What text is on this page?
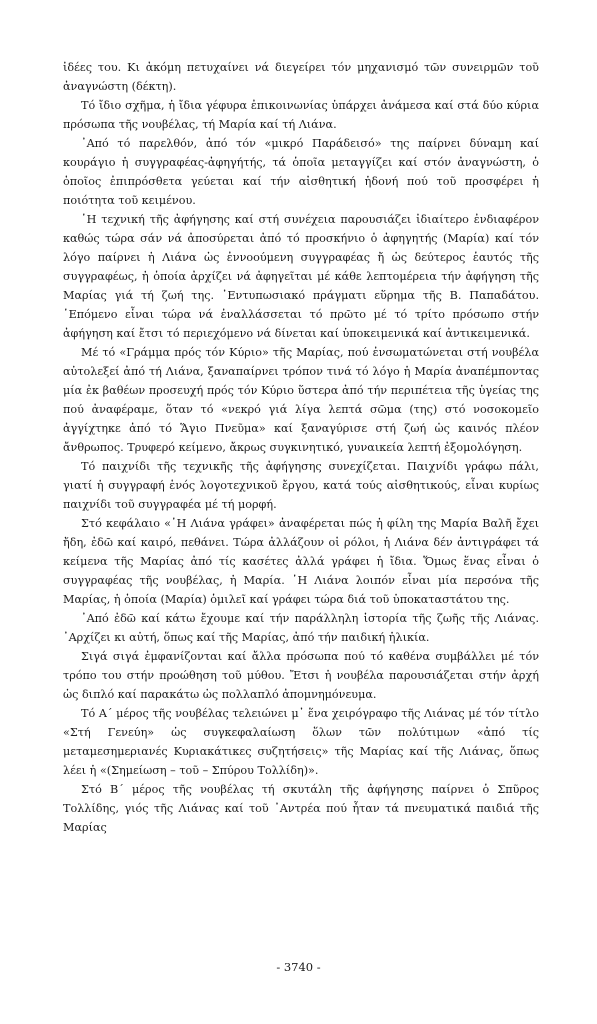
ἰδέες του. Κι ἀκόμη πετυχαίνει νά διεγείρει τόν μηχανισμό τῶν συνειρμῶν τοῦ ἀναγνώστη (δέκτη).

Τό ἴδιο σχῆμα, ἡ ἴδια γέφυρα ἐπικοινωνίας ὑπάρχει ἀνάμεσα καί στά δύο κύρια πρόσωπα τῆς νουβέλας, τή Μαρία καί τή Λιάνα.

᾿Από τό παρελθόν, ἀπό τόν «μικρό Παράδεισό» της παίρνει δύναμη καί κουράγιο ἡ συγγραφέας-ἀφηγήτής, τά ὁποῖα μεταγγίζει καί στόν ἀναγνώστη, ὁ ὁποῖος ἐπιπρόσθετα γεύεται καί τήν αἰσθητική ἡδονή πού τοῦ προσφέρει ἡ ποιότητα τοῦ κειμένου.

῾Η τεχνική τῆς ἀφήγησης καί στή συνέχεια παρουσιάζει ἰδιαίτερο ἐνδιαφέρον καθώς τώρα σάν νά ἀποσύρεται ἀπό τό προσκήνιο ὁ ἀφηγητής (Μαρία) καί τόν λόγο παίρνει ἡ Λιάνα ὡς ἐννοούμενη συγγραφέας ἤ ὡς δεύτερος ἑαυτός τῆς συγγραφέως, ἡ ὁποία ἀρχίζει νά ἀφηγεῖται μέ κάθε λεπτομέρεια τήν ἀφήγηση τῆς Μαρίας γιά τή ζωή της. ᾿Εντυπωσιακό πράγματι εὕρημα τῆς Β. Παπαδάτου. ῾Επόμενο εἶναι τώρα νά ἐναλλάσσεται τό πρῶτο μέ τό τρίτο πρόσωπο στήν ἀφήγηση καί ἔτσι τό περιεχόμενο νά δίνεται καί ὑποκειμενικά καί ἀντικειμενικά.

Μέ τό «Γράμμα πρός τόν Κύριο» τῆς Μαρίας, πού ἐνσωματώνεται στή νουβέλα αὐτολεξεί ἀπό τή Λιάνα, ξαναπαίρνει τρόπον τινά τό λόγο ἡ Μαρία ἀναπέμποντας μία ἐκ βαθέων προσευχή πρός τόν Κύριο ὕστερα ἀπό τήν περιπέτεια τῆς ὑγείας της πού ἀναφέραμε, ὅταν τό «νεκρό γιά λίγα λεπτά σῶμα (της) στό νοσοκομεῖο ἀγγίχτηκε ἀπό τό Ἅγιο Πνεῦμα» καί ξαναγύρισε στή ζωή ὡς καινός πλέον ἄνθρωπος. Τρυφερό κείμενο, ἄκρως συγκινητικό, γυναικεία λεπτή ἐξομολόγηση.

Τό παιχνίδι τῆς τεχνικῆς τῆς ἀφήγησης συνεχίζεται. Παιχνίδι γράφω πάλι, γιατί ἡ συγγραφή ἑνός λογοτεχνικοῦ ἔργου, κατά τούς αἰσθητικούς, εἶναι κυρίως παιχνίδι τοῦ συγγραφέα μέ τή μορφή.

Στό κεφάλαιο «῾Η Λιάνα γράφει» ἀναφέρεται πώς ἡ φίλη της Μαρία Βαλῆ ἔχει ἤδη, ἐδῶ καί καιρό, πεθάνει. Τώρα ἀλλάζουν οἱ ρόλοι, ἡ Λιάνα δέν ἀντιγράφει τά κείμενα τῆς Μαρίας ἀπό τίς κασέτες ἀλλά γράφει ἡ ἴδια. Ὅμως ἕνας εἶναι ὁ συγγραφέας τῆς νουβέλας, ἡ Μαρία. ῾Η Λιάνα λοιπόν εἶναι μία περσόνα τῆς Μαρίας, ἡ ὁποία (Μαρία) ὁμιλεῖ καί γράφει τώρα διά τοῦ ὑποκαταστάτου της.

᾿Από ἐδῶ καί κάτω ἔχουμε καί τήν παράλληλη ἱστορία τῆς ζωῆς τῆς Λιάνας. ᾿Αρχίζει κι αὐτή, ὅπως καί τῆς Μαρίας, ἀπό τήν παιδική ἡλικία.

Σιγά σιγά ἐμφανίζονται καί ἄλλα πρόσωπα πού τό καθένα συμβάλλει μέ τόν τρόπο του στήν προώθηση τοῦ μύθου. Ἔτσι ἡ νουβέλα παρουσιάζεται στήν ἀρχή ὡς διπλό καί παρακάτω ὡς πολλαπλό ἀπομνημόνευμα.

Τό Α΄ μέρος τῆς νουβέλας τελειώνει μ᾿ ἕνα χειρόγραφο τῆς Λιάνας μέ τόν τίτλο «Στή Γενεύη» ὡς συγκεφαλαίωση ὅλων τῶν πολύτιμων «ἀπό τίς μεταμεσημεριανές Κυριακάτικες συζητήσεις» τῆς Μαρίας καί τῆς Λιάνας, ὅπως λέει ἡ «(Σημείωση – τοῦ – Σπύρου Τολλίδη)».

Στό Β΄ μέρος τῆς νουβέλας τή σκυτάλη τῆς ἀφήγησης παίρνει ὁ Σπῦρος Τολλίδης, γιός τῆς Λιάνας καί τοῦ ᾿Αντρέα πού ἦταν τά πνευματικά παιδιά τῆς Μαρίας

- 3740 -
